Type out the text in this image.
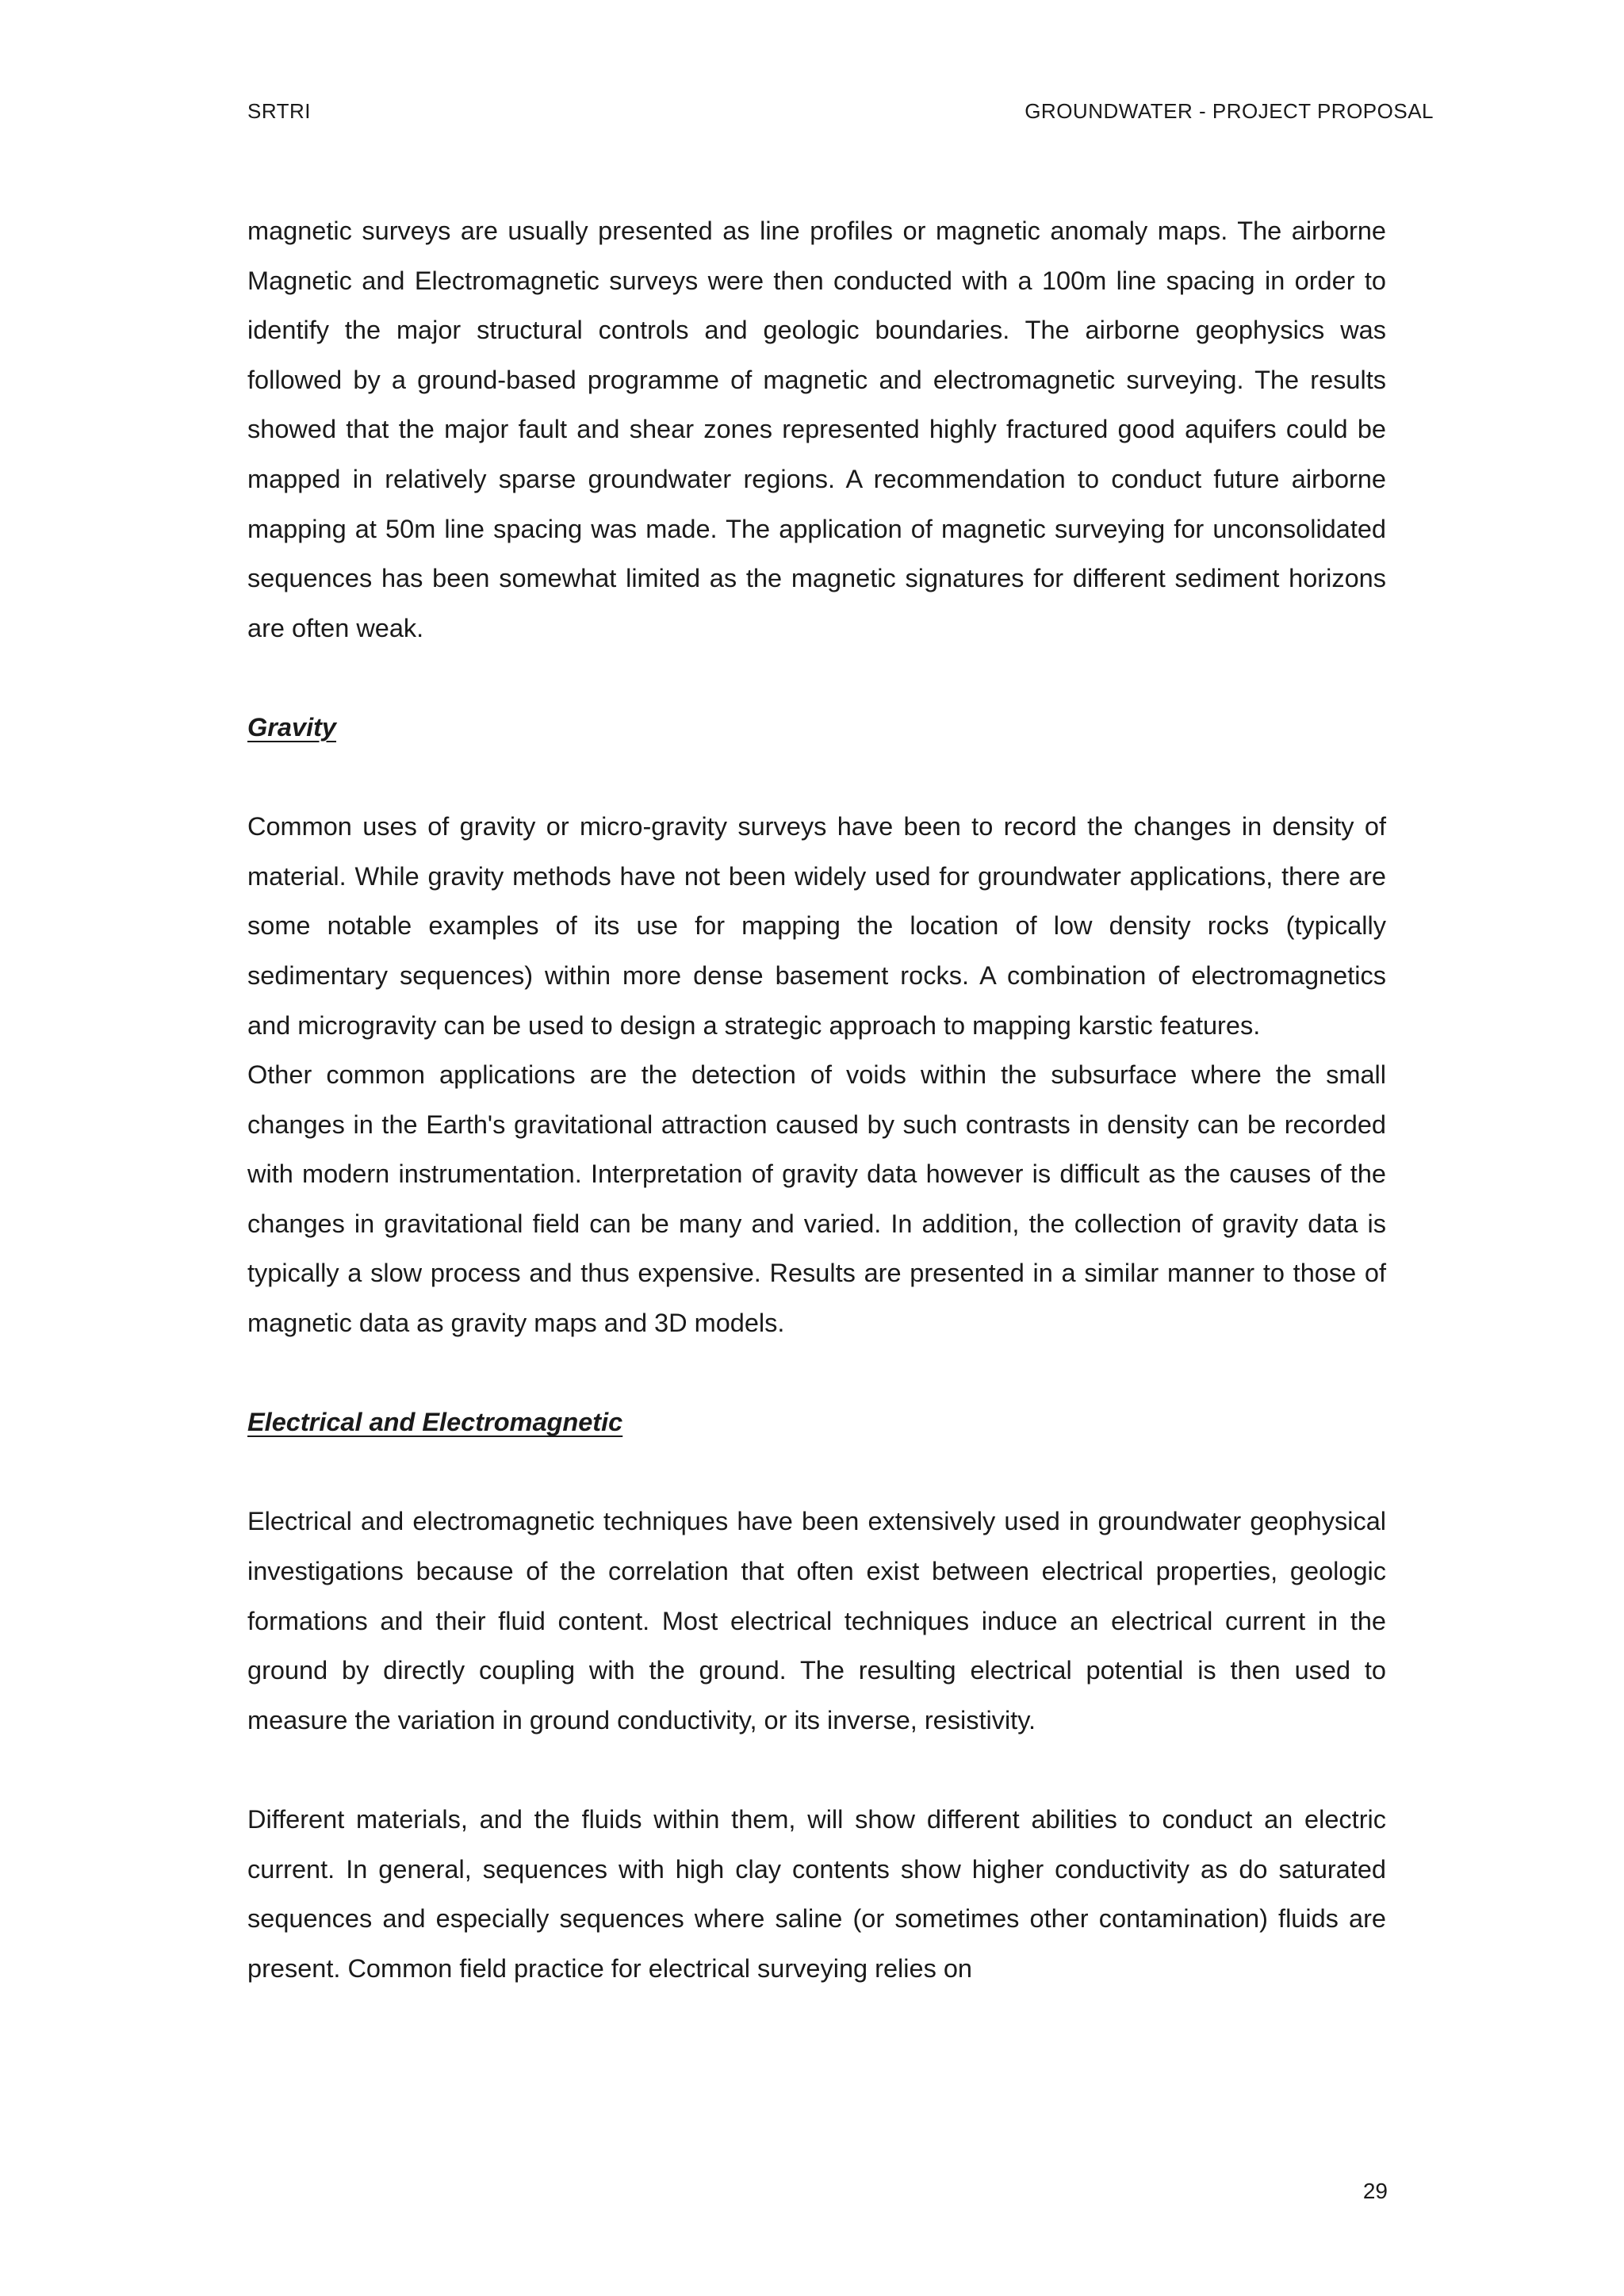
SRTRI	GROUNDWATER - PROJECT PROPOSAL

magnetic surveys are usually presented as line profiles or magnetic anomaly maps. The airborne Magnetic and Electromagnetic surveys were then conducted with a 100m line spacing in order to identify the major structural controls and geologic boundaries. The airborne geophysics was followed by a ground-based programme of magnetic and electromagnetic surveying. The results showed that the major fault and shear zones represented highly fractured good aquifers could be mapped in relatively sparse groundwater regions. A recommendation to conduct future airborne mapping at 50m line spacing was made. The application of magnetic surveying for unconsolidated sequences has been somewhat limited as the magnetic signatures for different sediment horizons are often weak.

Gravity

Common uses of gravity or micro-gravity surveys have been to record the changes in density of material. While gravity methods have not been widely used for groundwater applications, there are some notable examples of its use for mapping the location of low density rocks (typically sedimentary sequences) within more dense basement rocks. A combination of electromagnetics and microgravity can be used to design a strategic approach to mapping karstic features.

Other common applications are the detection of voids within the subsurface where the small changes in the Earth's gravitational attraction caused by such contrasts in density can be recorded with modern instrumentation. Interpretation of gravity data however is difficult as the causes of the changes in gravitational field can be many and varied. In addition, the collection of gravity data is typically a slow process and thus expensive. Results are presented in a similar manner to those of magnetic data as gravity maps and 3D models.

Electrical and Electromagnetic

Electrical and electromagnetic techniques have been extensively used in groundwater geophysical investigations because of the correlation that often exist between electrical properties, geologic formations and their fluid content. Most electrical techniques induce an electrical current in the ground by directly coupling with the ground. The resulting electrical potential is then used to measure the variation in ground conductivity, or its inverse, resistivity.

Different materials, and the fluids within them, will show different abilities to conduct an electric current. In general, sequences with high clay contents show higher conductivity as do saturated sequences and especially sequences where saline (or sometimes other contamination) fluids are present. Common field practice for electrical surveying relies on

29
